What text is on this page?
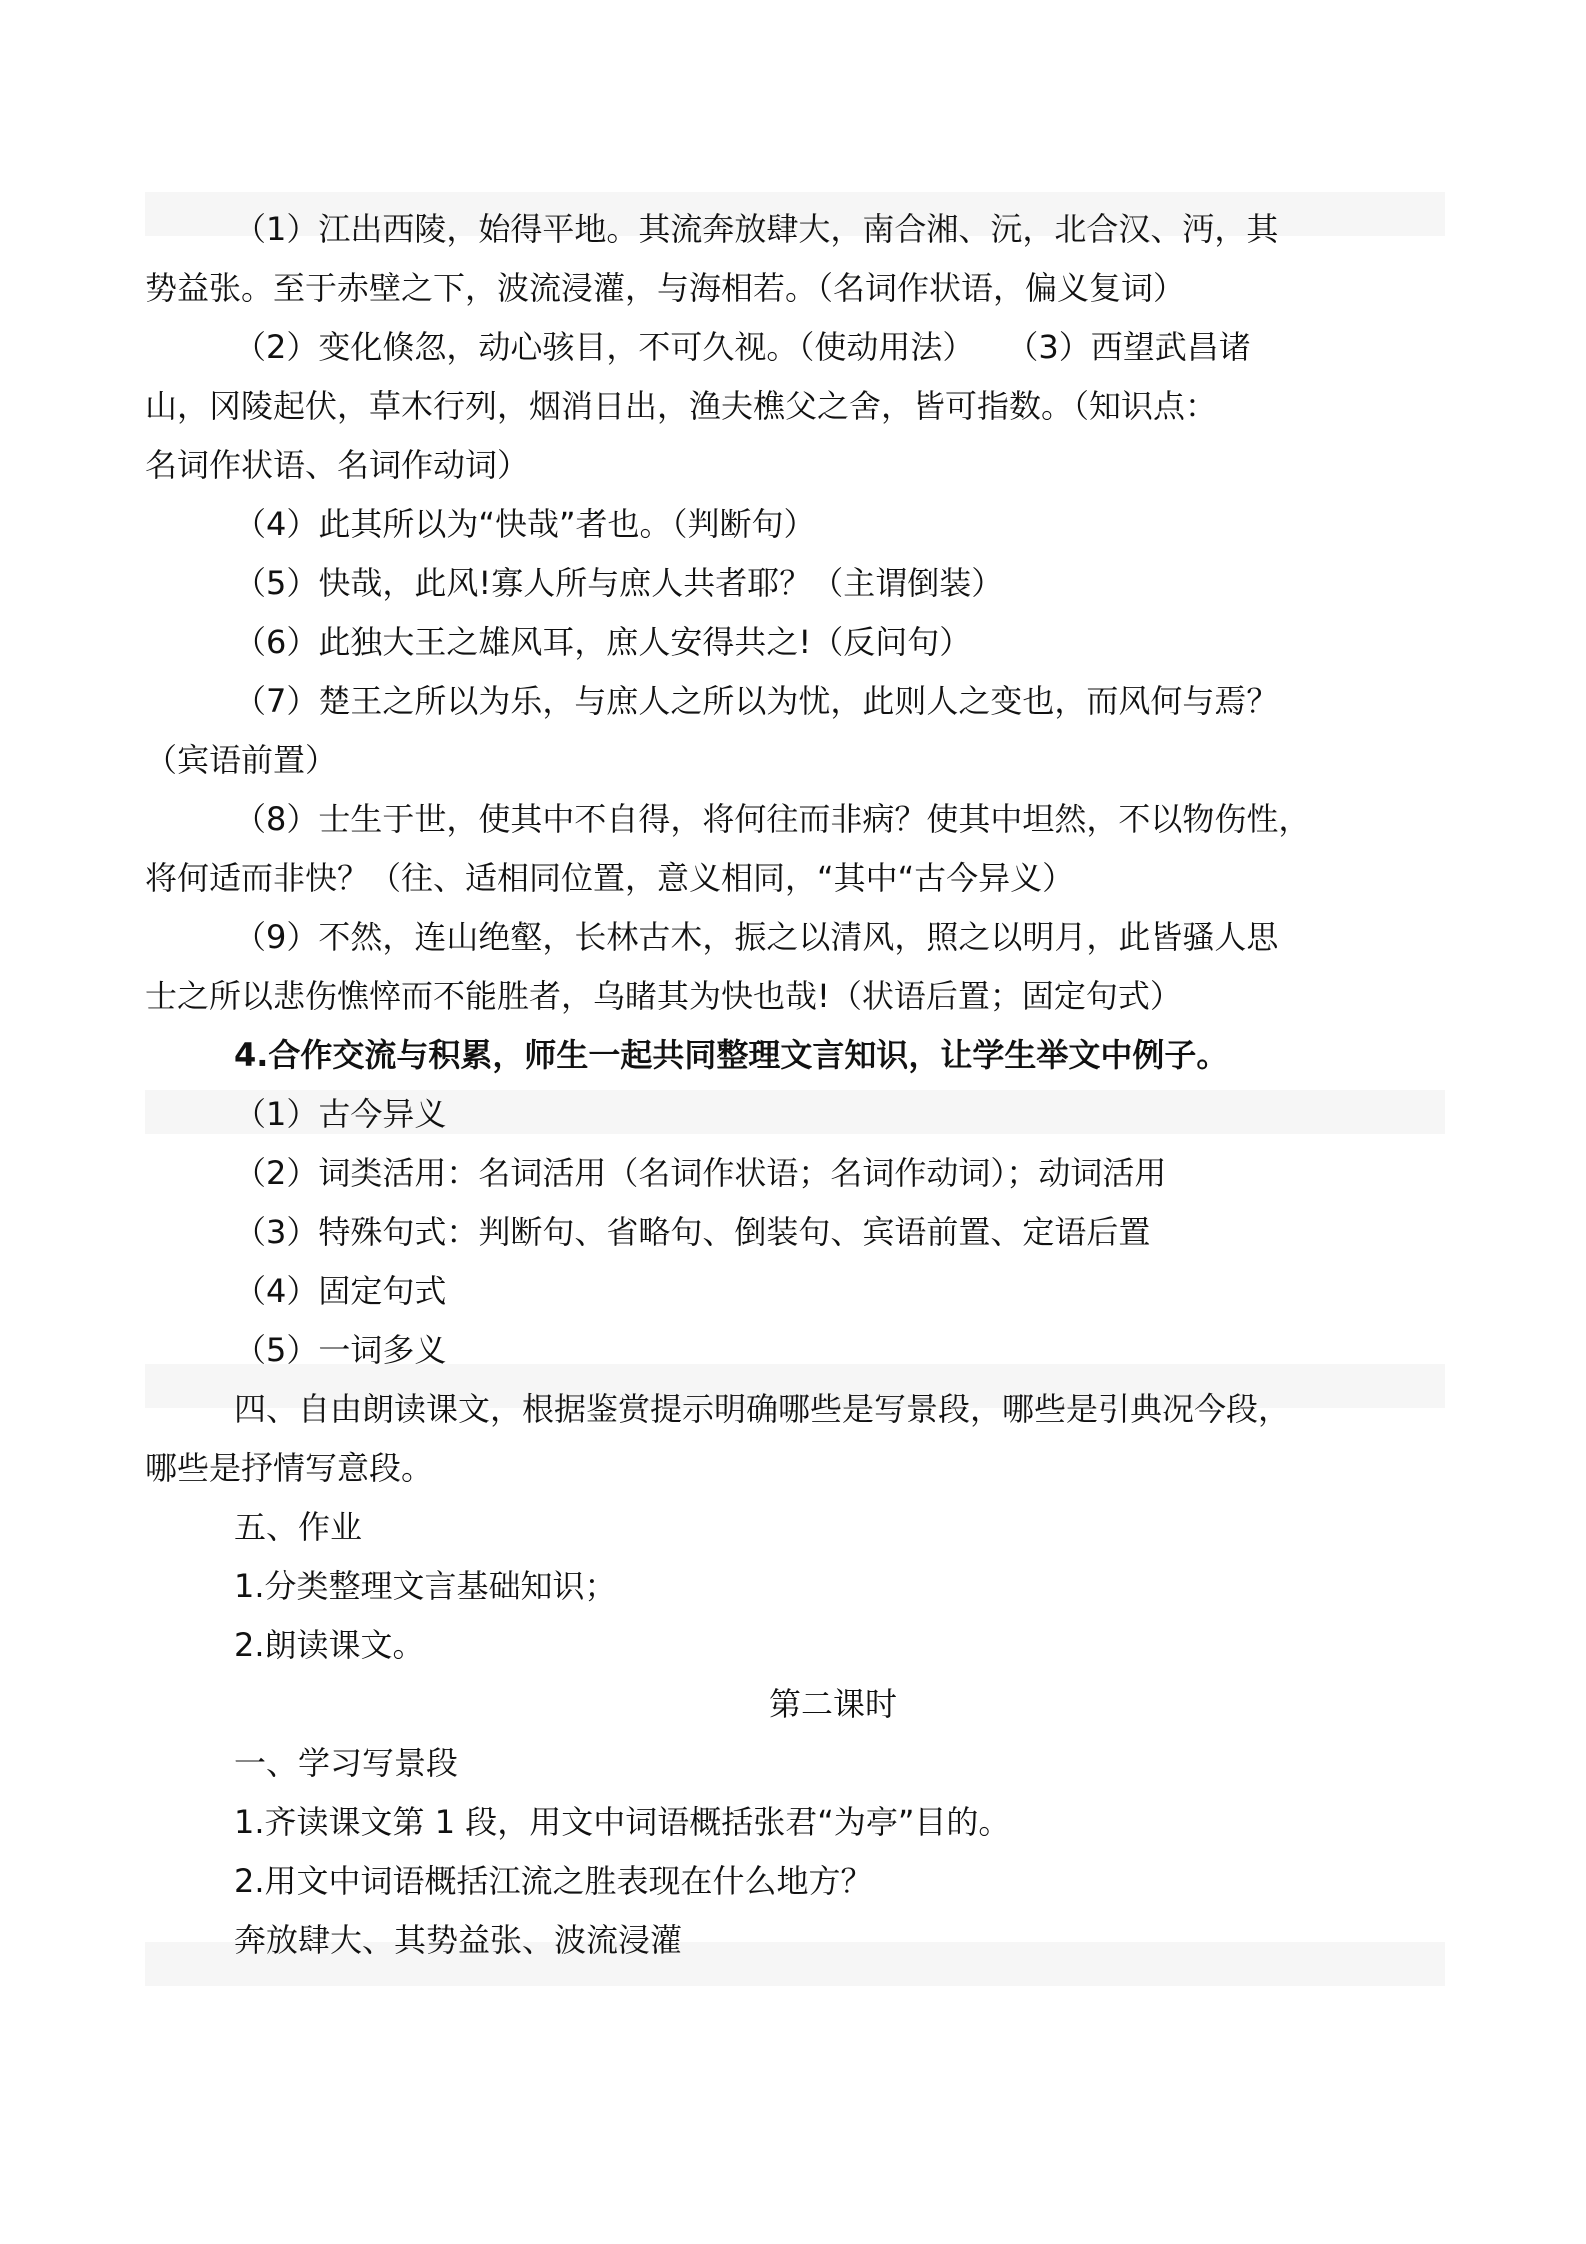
（1）江出西陵，始得平地。其流奔放肆大，南合湘、沅，北合汉、沔，其
势益张。至于赤壁之下，波流浸灌，与海相若。（名词作状语，偏义复词）
（2）变化倏忽，动心骇目，不可久视。（使动用法）　　（3）西望武昌诸
山，冈陵起伏，草木行列，烟消日出，渔夫樵父之舍，皆可指数。（知识点：
名词作状语、名词作动词）
（4）此其所以为“快哉”者也。（判断句）
（5）快哉，此风!寡人所与庶人共者耶？（主谓倒装）
（6）此独大王之雄风耳，庶人安得共之!（反问句）
（7）楚王之所以为乐，与庶人之所以为忧，此则人之变也，而风何与焉？
（宾语前置）
（8）士生于世，使其中不自得，将何往而非病？使其中坦然，不以物伤性，
将何适而非快？（往、适相同位置，意义相同，“其中“古今异义）
（9）不然，连山绝壑，长林古木，振之以清风，照之以明月，此皆骚人思
士之所以悲伤憔悴而不能胜者，乌睹其为快也哉!（状语后置；固定句式）
4.合作交流与积累，师生一起共同整理文言知识，让学生举文中例子。
（1）古今异义
（2）词类活用：名词活用（名词作状语；名词作动词）；动词活用
（3）特殊句式：判断句、省略句、倒装句、宾语前置、定语后置
（4）固定句式
（5）一词多义
四、自由朗读课文，根据鉴赏提示明确哪些是写景段，哪些是引典况今段，
哪些是抒情写意段。
五、作业
1.分类整理文言基础知识；
2.朗读课文。
第二课时
一、学习写景段
1.齐读课文第 1 段，用文中词语概括张君“为亭”目的。
2.用文中词语概括江流之胜表现在什么地方？
奔放肆大、其势益张、波流浸灌
